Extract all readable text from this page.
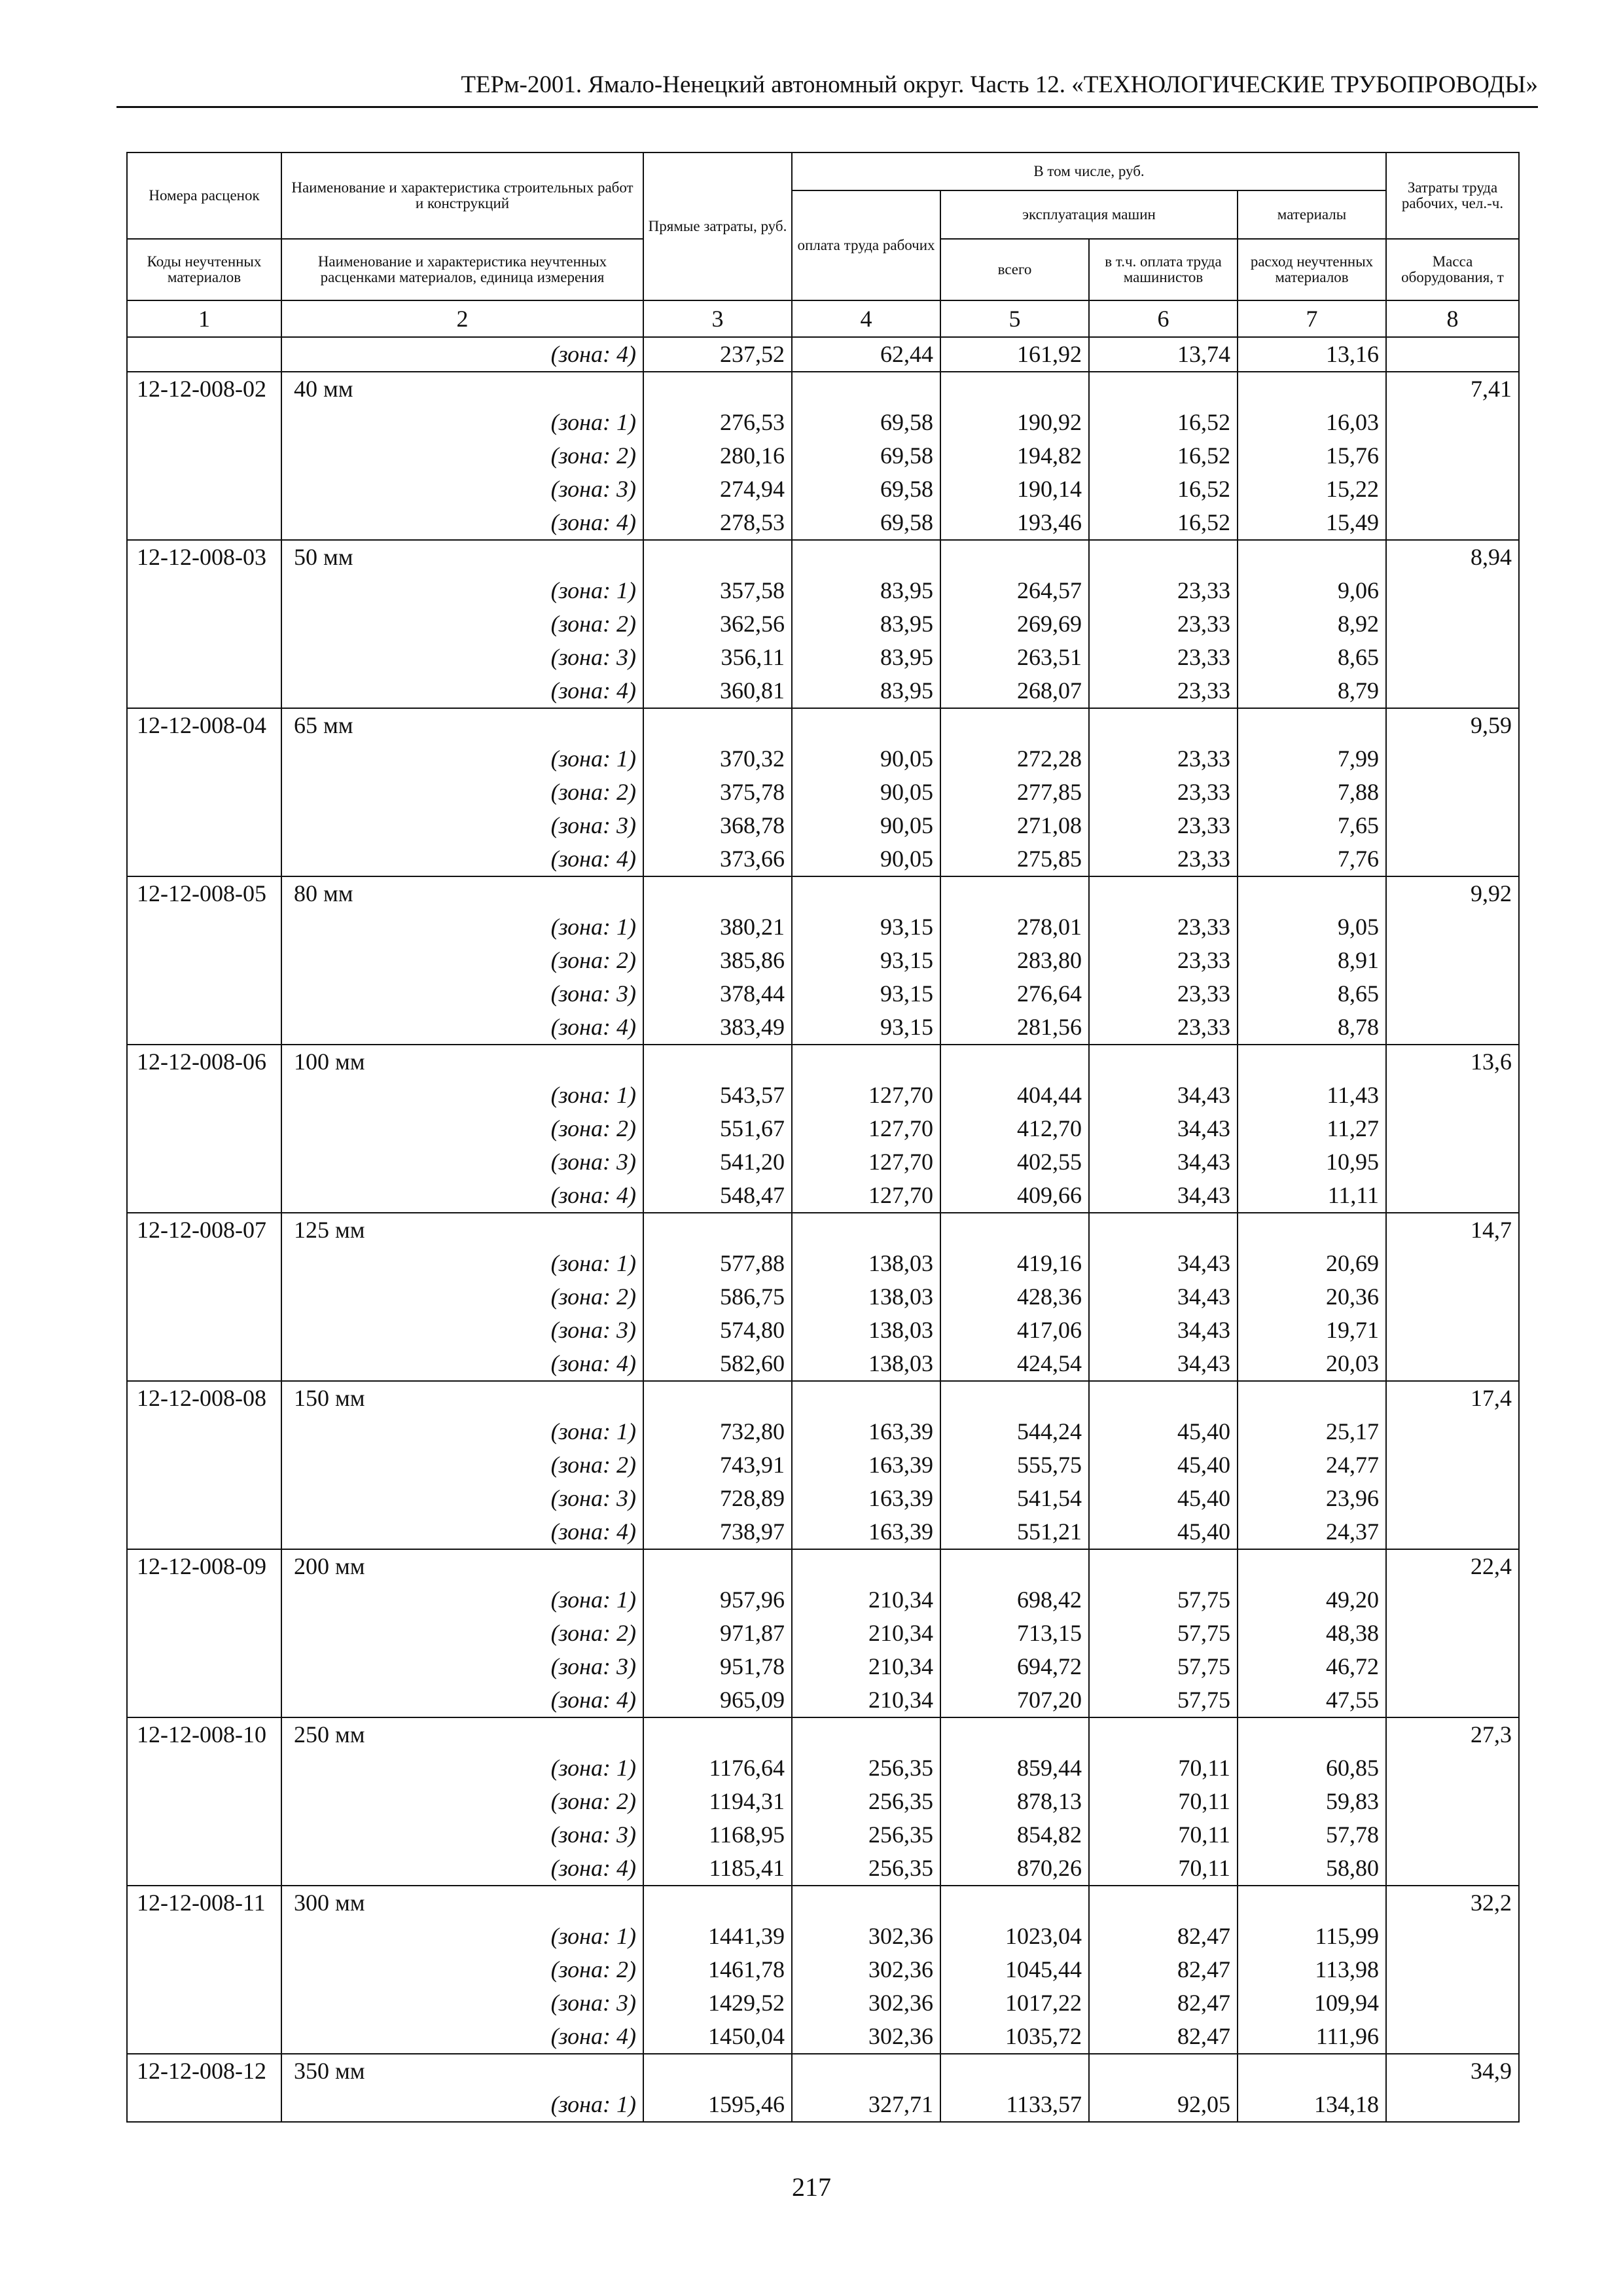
ТЕРм-2001. Ямало-Ненецкий автономный округ. Часть 12. «ТЕХНОЛОГИЧЕСКИЕ ТРУБОПРОВОДЫ»
Номера расценок	Наименование и характеристика строительных работ и конструкций	Прямые затраты, руб.	В том числе, руб.				Затраты труда рабочих, чел.-ч.
			оплата труда рабочих	эксплуатация машин		материалы	
Коды неучтенных материалов	Наименование и характеристика неучтенных расценками материалов, единица измерения			всего	в т.ч. оплата труда машинистов	расход неучтенных материалов	Масса оборудования, т
1	2	3	4	5	6	7	8
	(зона: 4)	237,52	62,44	161,92	13,74	13,16	
12-12-008-02	40 мм						7,41
	(зона: 1)	276,53	69,58	190,92	16,52	16,03	
	(зона: 2)	280,16	69,58	194,82	16,52	15,76	
	(зона: 3)	274,94	69,58	190,14	16,52	15,22	
	(зона: 4)	278,53	69,58	193,46	16,52	15,49	
12-12-008-03	50 мм						8,94
	(зона: 1)	357,58	83,95	264,57	23,33	9,06	
	(зона: 2)	362,56	83,95	269,69	23,33	8,92	
	(зона: 3)	356,11	83,95	263,51	23,33	8,65	
	(зона: 4)	360,81	83,95	268,07	23,33	8,79	
12-12-008-04	65 мм						9,59
	(зона: 1)	370,32	90,05	272,28	23,33	7,99	
	(зона: 2)	375,78	90,05	277,85	23,33	7,88	
	(зона: 3)	368,78	90,05	271,08	23,33	7,65	
	(зона: 4)	373,66	90,05	275,85	23,33	7,76	
12-12-008-05	80 мм						9,92
	(зона: 1)	380,21	93,15	278,01	23,33	9,05	
	(зона: 2)	385,86	93,15	283,80	23,33	8,91	
	(зона: 3)	378,44	93,15	276,64	23,33	8,65	
	(зона: 4)	383,49	93,15	281,56	23,33	8,78	
12-12-008-06	100 мм						13,6
	(зона: 1)	543,57	127,70	404,44	34,43	11,43	
	(зона: 2)	551,67	127,70	412,70	34,43	11,27	
	(зона: 3)	541,20	127,70	402,55	34,43	10,95	
	(зона: 4)	548,47	127,70	409,66	34,43	11,11	
12-12-008-07	125 мм						14,7
	(зона: 1)	577,88	138,03	419,16	34,43	20,69	
	(зона: 2)	586,75	138,03	428,36	34,43	20,36	
	(зона: 3)	574,80	138,03	417,06	34,43	19,71	
	(зона: 4)	582,60	138,03	424,54	34,43	20,03	
12-12-008-08	150 мм						17,4
	(зона: 1)	732,80	163,39	544,24	45,40	25,17	
	(зона: 2)	743,91	163,39	555,75	45,40	24,77	
	(зона: 3)	728,89	163,39	541,54	45,40	23,96	
	(зона: 4)	738,97	163,39	551,21	45,40	24,37	
12-12-008-09	200 мм						22,4
	(зона: 1)	957,96	210,34	698,42	57,75	49,20	
	(зона: 2)	971,87	210,34	713,15	57,75	48,38	
	(зона: 3)	951,78	210,34	694,72	57,75	46,72	
	(зона: 4)	965,09	210,34	707,20	57,75	47,55	
12-12-008-10	250 мм						27,3
	(зона: 1)	1176,64	256,35	859,44	70,11	60,85	
	(зона: 2)	1194,31	256,35	878,13	70,11	59,83	
	(зона: 3)	1168,95	256,35	854,82	70,11	57,78	
	(зона: 4)	1185,41	256,35	870,26	70,11	58,80	
12-12-008-11	300 мм						32,2
	(зона: 1)	1441,39	302,36	1023,04	82,47	115,99	
	(зона: 2)	1461,78	302,36	1045,44	82,47	113,98	
	(зона: 3)	1429,52	302,36	1017,22	82,47	109,94	
	(зона: 4)	1450,04	302,36	1035,72	82,47	111,96	
12-12-008-12	350 мм						34,9
	(зона: 1)	1595,46	327,71	1133,57	92,05	134,18	
217
